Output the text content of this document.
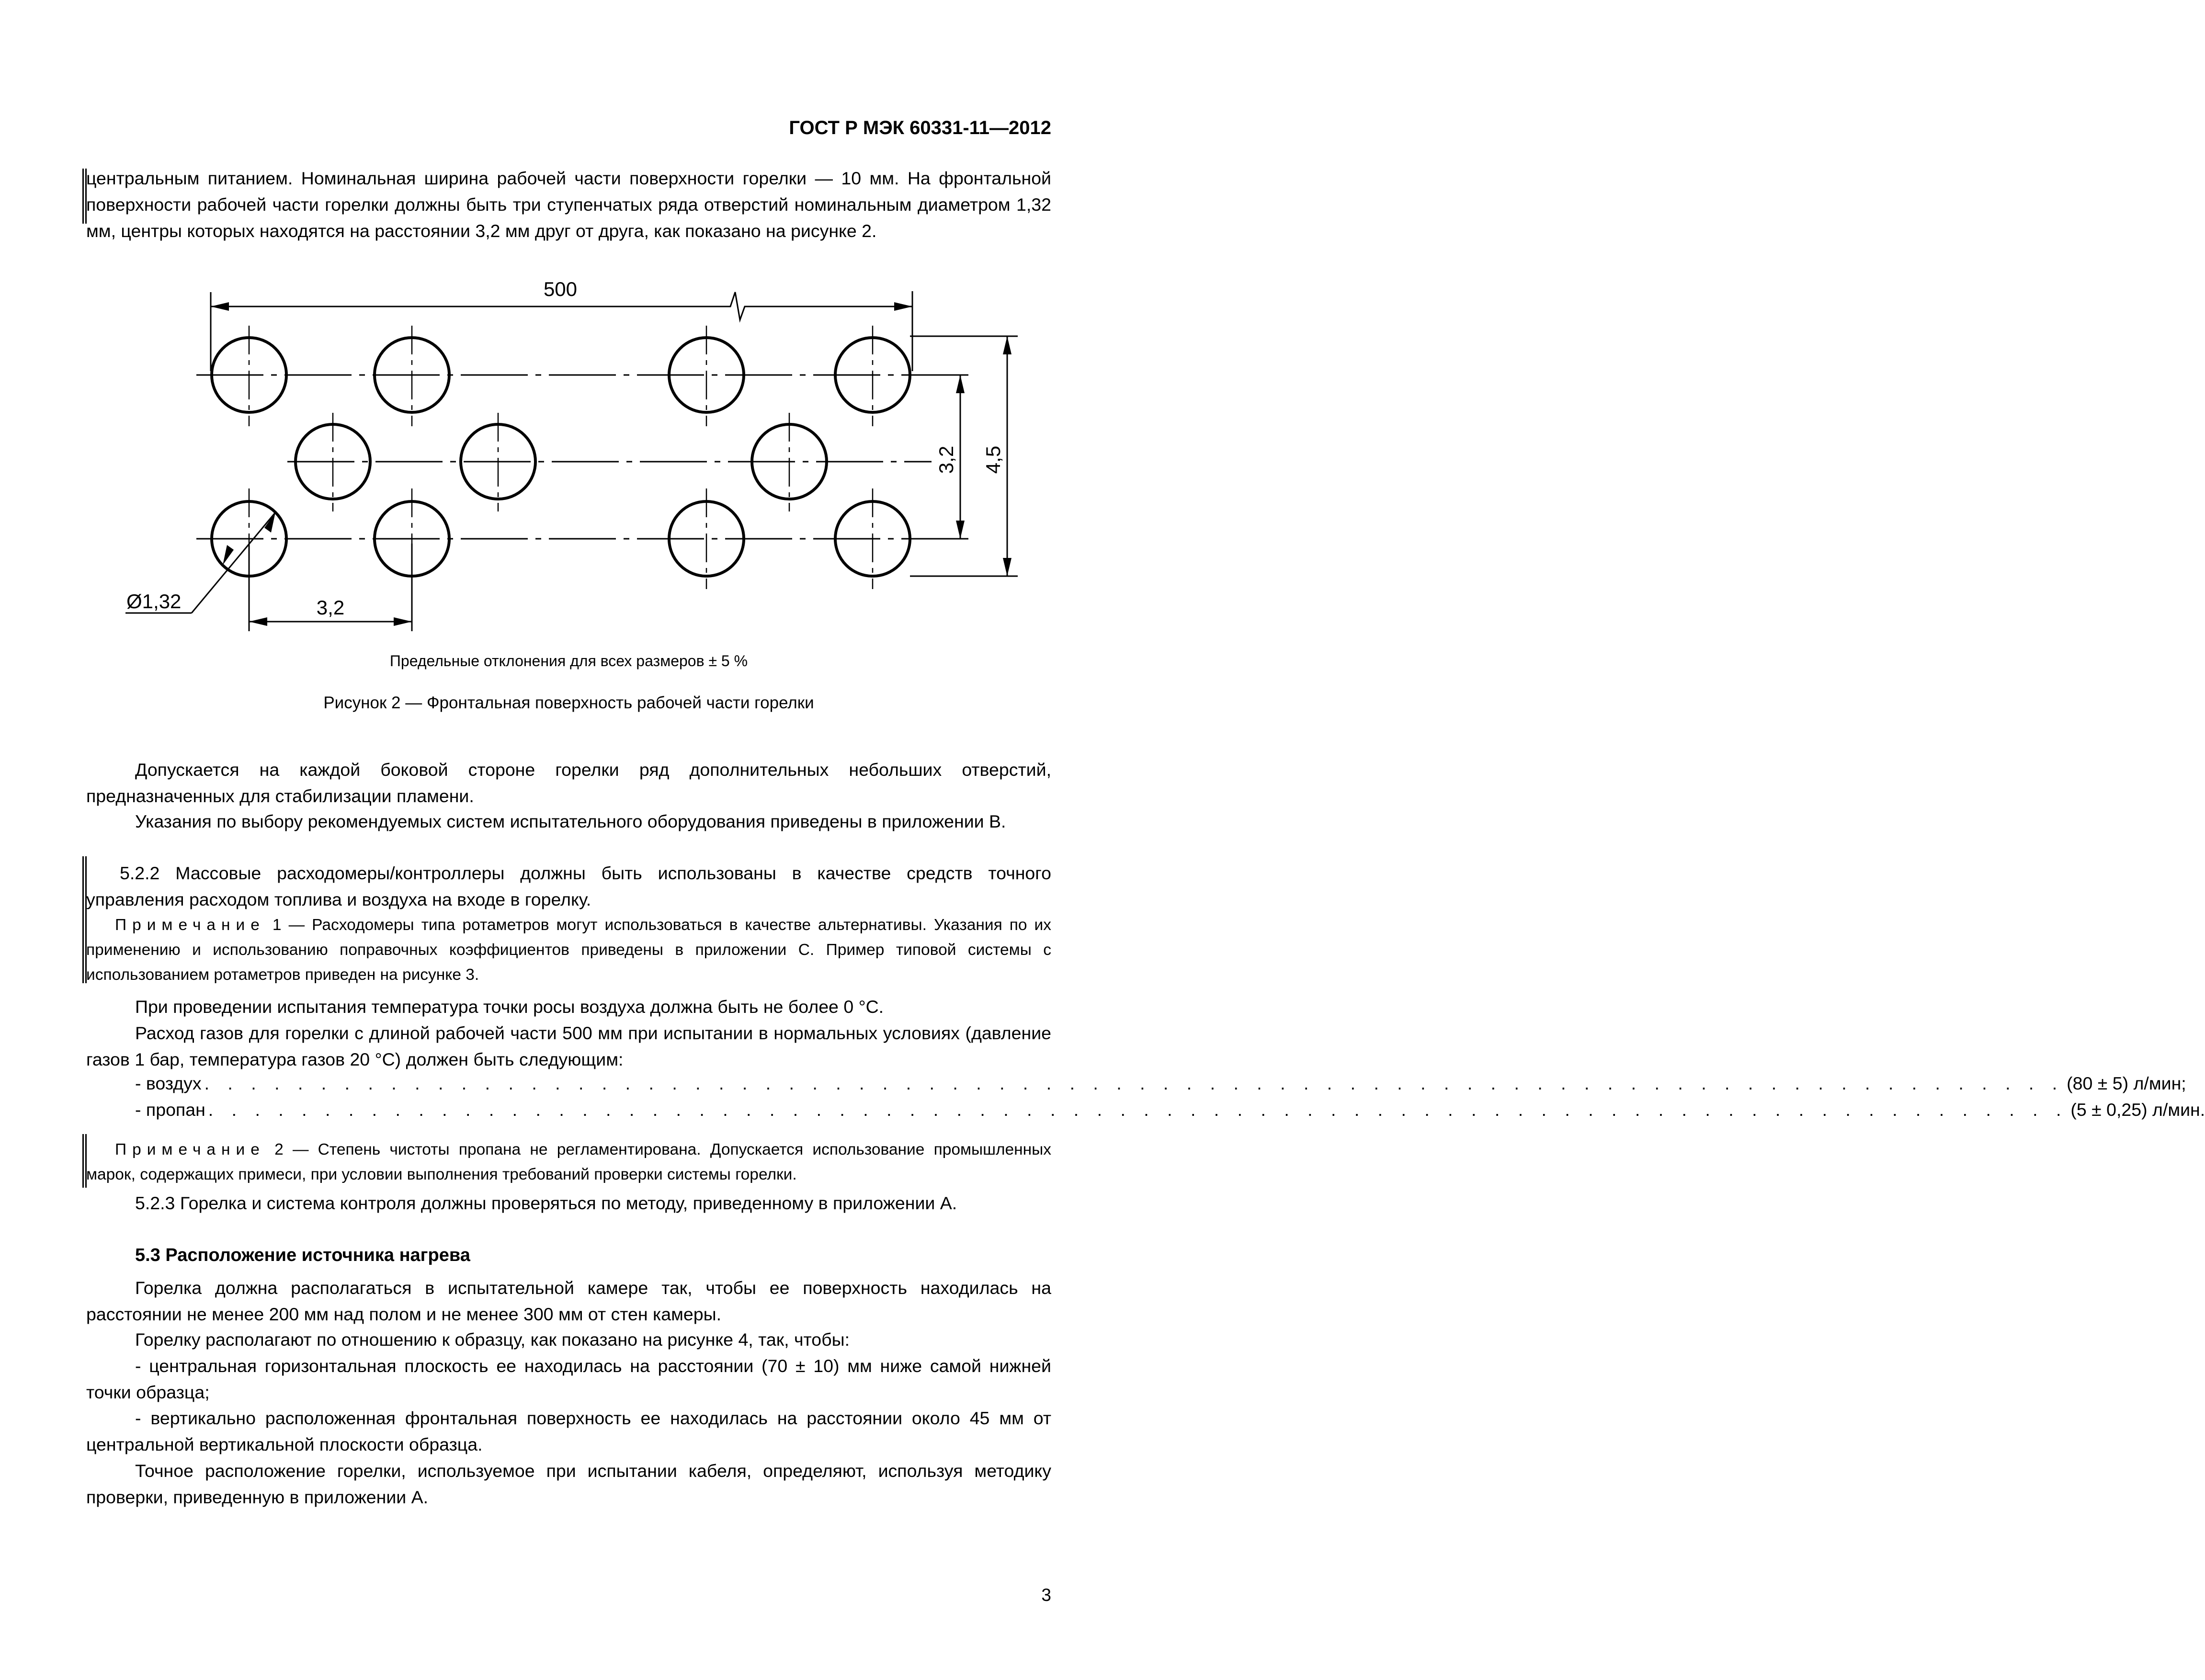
ГОСТ Р МЭК 60331-11—2012

центральным питанием. Номинальная ширина рабочей части поверхности горелки — 10 мм. На фронтальной поверхности рабочей части горелки должны быть три ступенчатых ряда отверстий номинальным диаметром 1,32 мм, центры которых находятся на расстоянии 3,2 мм друг от друга, как показано на рисунке 2.

500
3,2 4,5
Ø1,32	3,2
Предельные отклонения для всех размеров ± 5 %
Рисунок 2 — Фронтальная поверхность рабочей части горелки

Допускается на каждой боковой стороне горелки ряд дополнительных небольших отверстий, предназначенных для стабилизации пламени.

Указания по выбору рекомендуемых систем испытательного оборудования приведены в приложении В.

5.2.2 Массовые расходомеры/контроллеры должны быть использованы в качестве средств точного управления расходом топлива и воздуха на входе в горелку.

Примечание 1 — Расходомеры типа ротаметров могут использоваться в качестве альтернативы. Указания по их применению и использованию поправочных коэффициентов приведены в приложении С. Пример типовой системы с использованием ротаметров приведен на рисунке 3.

При проведении испытания температура точки росы воздуха должна быть не более 0 °С.

Расход газов для горелки с длиной рабочей части 500 мм при испытании в нормальных условиях (давление газов 1 бар, температура газов 20 °С) должен быть следующим:

- воздух . . . . . . . . . . . . . . . . . . . . . . . . . . . . . . . . . . . . . . . . . . . . . . . . . . . . . . . . . . . . . . . . . . . . . . . . . . . . . . . . (80 ± 5) л/мин;
- пропан . . . . . . . . . . . . . . . . . . . . . . . . . . . . . . . . . . . . . . . . . . . . . . . . . . . . . . . . . . . . . . . . . . . . . . . . . . . . . . . . (5 ± 0,25) л/мин.

Примечание 2 — Степень чистоты пропана не регламентирована. Допускается использование промышленных марок, содержащих примеси, при условии выполнения требований проверки системы горелки.

5.2.3 Горелка и система контроля должны проверяться по методу, приведенному в приложении А.

5.3 Расположение источника нагрева

Горелка должна располагаться в испытательной камере так, чтобы ее поверхность находилась на расстоянии не менее 200 мм над полом и не менее 300 мм от стен камеры.

Горелку располагают по отношению к образцу, как показано на рисунке 4, так, чтобы:

- центральная горизонтальная плоскость ее находилась на расстоянии (70 ± 10) мм ниже самой нижней точки образца;

- вертикально расположенная фронтальная поверхность ее находилась на расстоянии около 45 мм от центральной вертикальной плоскости образца.

Точное расположение горелки, используемое при испытании кабеля, определяют, используя методику проверки, приведенную в приложении А.

3
